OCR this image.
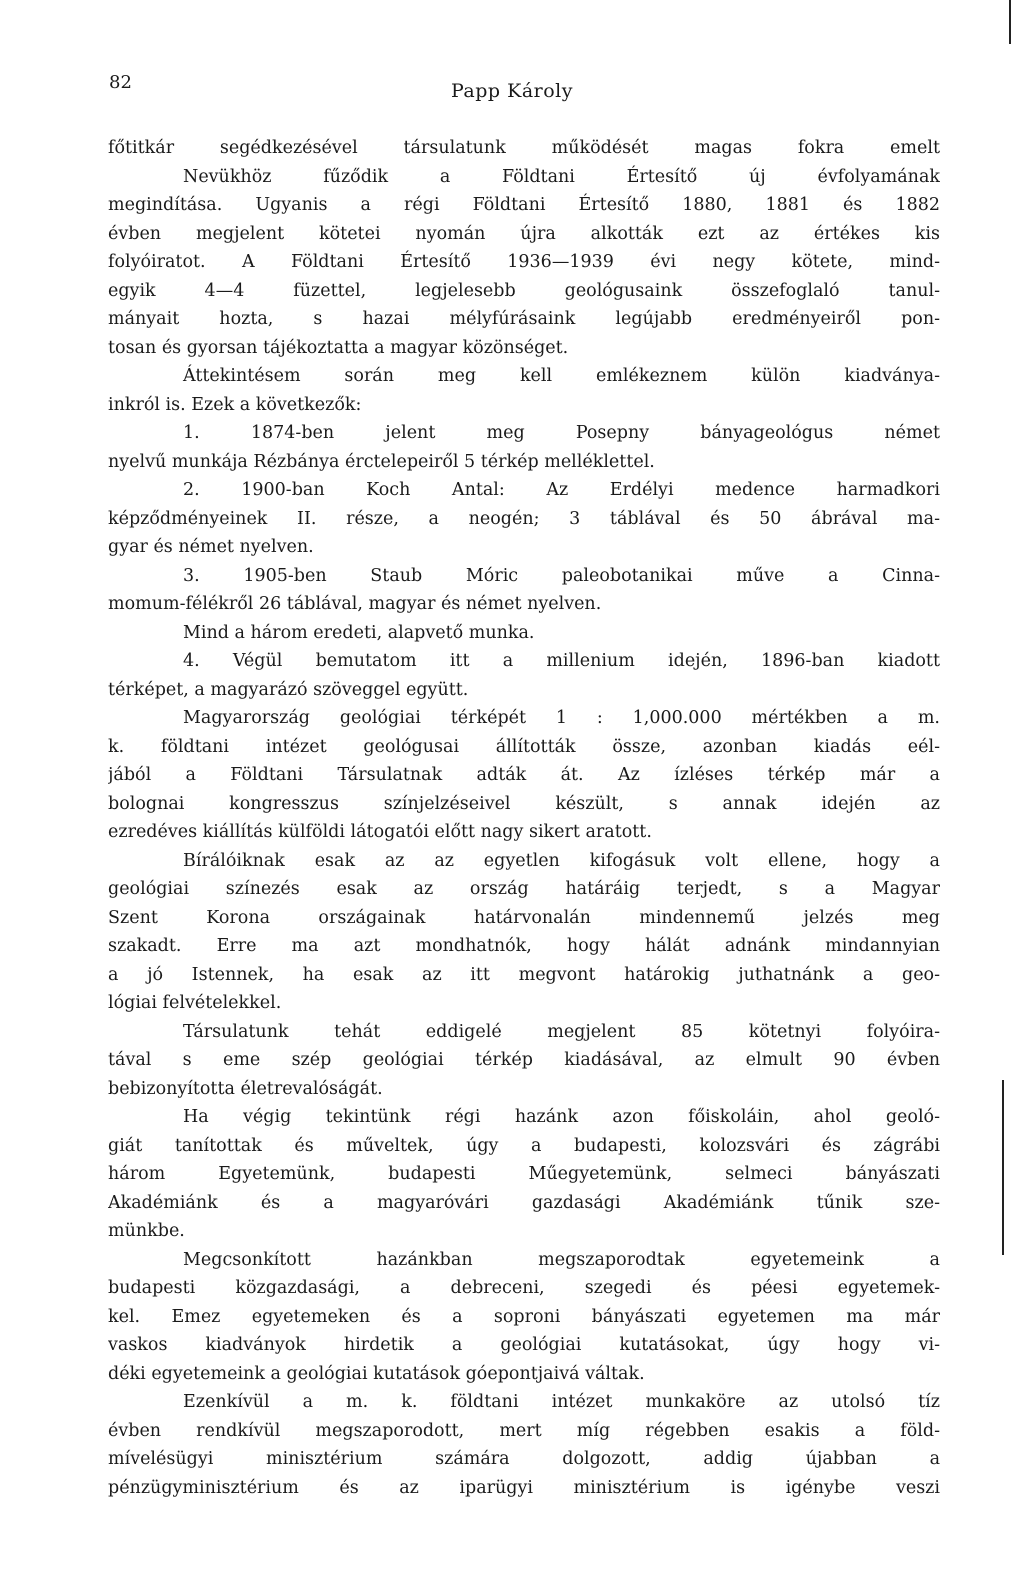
82	Papp Károly
főtitkár segédkezésével társulatunk működését magas fokra emelt
Nevükhöz fűződik a Földtani Értesítő új évfolyamának
megindítása. Ugyanis a régi Földtani Értesítő 1880, 1881 és 1882
évben megjelent kötetei nyomán újra alkották ezt az értékes kis
folyóiratot. A Földtani Értesítő 1936—1939 évi negy kötete, mind-
egyik 4—4 füzettel, legjelesebb geológusaink összefoglaló tanul-
mányait hozta, s hazai mélyfúrásaink legújabb eredményeiről pon-
tosan és gyorsan tájékoztatta a magyar közönséget.
Áttekintésem során meg kell emlékeznem külön kiadványa-
inkról is. Ezek a következők:
1. 1874-ben jelent meg Posepny bányageológus német
nyelvű munkája Rézbánya érctelepeiről 5 térkép melléklettel.
2. 1900-ban Koch Antal: Az Erdélyi medence harmadkori
képződményeinek II. része, a neogén; 3 táblával és 50 ábrával ma-
gyar és német nyelven.
3. 1905-ben Staub Móric paleobotanikai műve a Cinna-
momum-félékről 26 táblával, magyar és német nyelven.
Mind a három eredeti, alapvető munka.
4. Végül bemutatom itt a millenium idején, 1896-ban kiadott
térképet, a magyarázó szöveggel együtt.
Magyarország geológiai térképét 1 : 1,000.000 mértékben a m.
k. földtani intézet geológusai állították össze, azonban kiadás eél-
jából a Földtani Társulatnak adták át. Az ízléses térkép már a
bolognai kongresszus színjelzéseivel készült, s annak idején az
ezredéves kiállítás külföldi látogatói előtt nagy sikert aratott.
Bírálóiknak esak az az egyetlen kifogásuk volt ellene, hogy a
geológiai színezés esak az ország határáig terjedt, s a Magyar
Szent Korona országainak határvonalán mindennemű jelzés meg
szakadt. Erre ma azt mondhatnók, hogy hálát adnánk mindannyian
a jó Istennek, ha esak az itt megvont határokig juthatnánk a geo-
lógiai felvételekkel.
Társulatunk tehát eddigelé megjelent 85 kötetnyi folyóira-
tával s eme szép geológiai térkép kiadásával, az elmult 90 évben
bebizonyította életrevalóságát.
Ha végig tekintünk régi hazánk azon főiskoláin, ahol geoló-
giát tanítottak és műveltek, úgy a budapesti, kolozsvári és zágrábi
három Egyetemünk, budapesti Műegyetemünk, selmeci bányászati
Akadémiánk és a magyaróvári gazdasági Akadémiánk tűnik sze-
münkbe.
Megcsonkított hazánkban megszaporodtak egyetemeink a
budapesti közgazdasági, a debreceni, szegedi és péesi egyetemek-
kel. Emez egyetemeken és a soproni bányászati egyetemen ma már
vaskos kiadványok hirdetik a geológiai kutatásokat, úgy hogy vi-
déki egyetemeink a geológiai kutatások góepontjaivá váltak.
Ezenkívül a m. k. földtani intézet munkaköre az utolsó tíz
évben rendkívül megszaporodott, mert míg régebben esakis a föld-
mívelésügyi minisztérium számára dolgozott, addig újabban a
pénzügyminisztérium és az iparügyi minisztérium is igénybe veszi
